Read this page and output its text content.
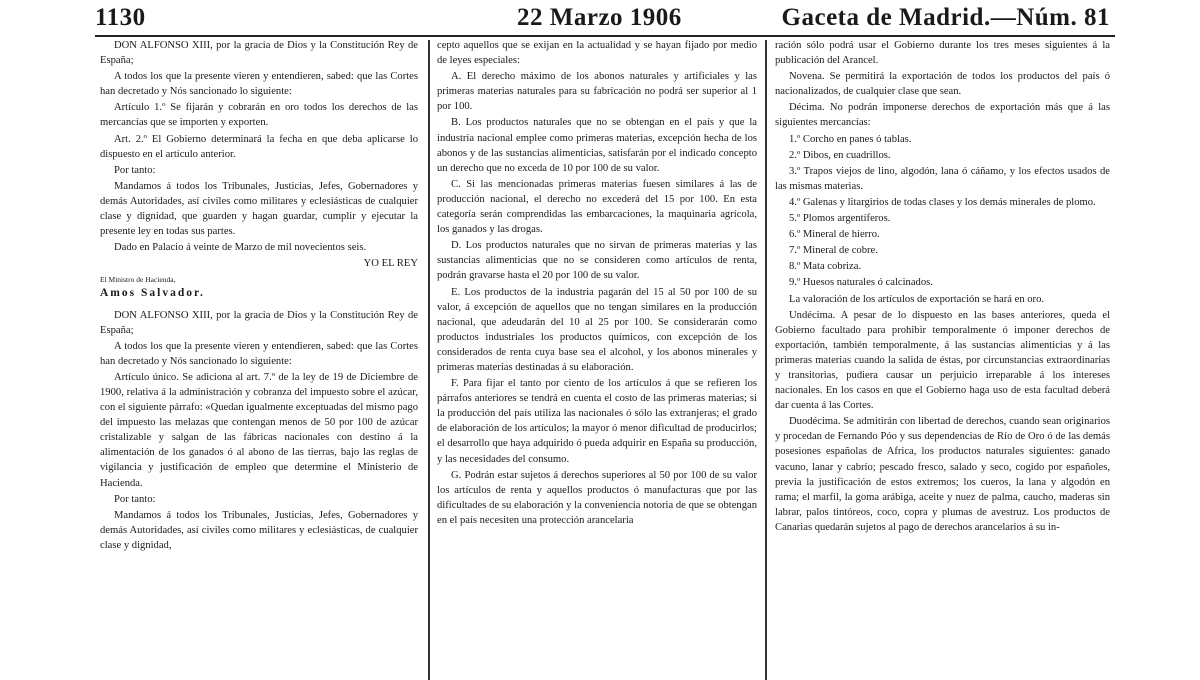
1130	22 Marzo 1906	Gaceta de Madrid.—Núm. 81

DON ALFONSO XIII, por la gracia de Dios y la Constitución Rey de España;

A todos los que la presente vieren y entendieren, sabed: que las Cortes han decretado y Nós sancionado lo siguiente:

Artículo 1.º Se fijarán y cobrarán en oro todos los derechos de las mercancías que se importen y exporten.

Art. 2.º El Gobierno determinará la fecha en que deba aplicarse lo dispuesto en el artículo anterior.

Por tanto:

Mandamos á todos los Tribunales, Justicias, Jefes, Gobernadores y demás Autoridades, así civiles como militares y eclesiásticas de cualquier clase y dignidad, que guarden y hagan guardar, cumplir y ejecutar la presente ley en todas sus partes.

Dado en Palacio á veinte de Marzo de mil novecientos seis.

YO EL REY

El Ministro de Hacienda,

Amos Salvador.

DON ALFONSO XIII, por la gracia de Dios y la Constitución Rey de España;

A todos los que la presente vieren y entendieren, sabed: que las Cortes han decretado y Nós sancionado lo siguiente:

Artículo único. Se adiciona al art. 7.º de la ley de 19 de Diciembre de 1900, relativa á la administración y cobranza del impuesto sobre el azúcar, con el siguiente párrafo: «Quedan igualmente exceptuadas del mismo pago del impuesto las melazas que contengan menos de 50 por 100 de azúcar cristalizable y salgan de las fábricas nacionales con destino á la alimentación de los ganados ó al abono de las tierras, bajo las reglas de vigilancia y justificación de empleo que determine el Ministerio de Hacienda.

Por tanto:

Mandamos á todos los Tribunales, Justicias, Jefes, Gobernadores y demás Autoridades, así civiles como militares y eclesiásticas, de cualquier clase y dignidad,

cepto aquellos que se exijan en la actualidad y se hayan fijado por medio de leyes especiales:

A. El derecho máximo de los abonos naturales y artificiales y las primeras materias naturales para su fabricación no podrá ser superior al 1 por 100.

B. Los productos naturales que no se obtengan en el país y que la industria nacional emplee como primeras materias, excepción hecha de los abonos y de las sustancias alimenticias, satisfarán por el indicado concepto un derecho que no exceda de 10 por 100 de su valor.

C. Si las mencionadas primeras materias fuesen similares á las de producción nacional, el derecho no excederá del 15 por 100. En esta categoría serán comprendidas las embarcaciones, la maquinaria agrícola, los ganados y las drogas.

D. Los productos naturales que no sirvan de primeras materias y las sustancias alimenticias que no se consideren como artículos de renta, podrán gravarse hasta el 20 por 100 de su valor.

E. Los productos de la industria pagarán del 15 al 50 por 100 de su valor, á excepción de aquellos que no tengan similares en la producción nacional, que adeudarán del 10 al 25 por 100. Se considerarán como productos industriales los productos químicos, con excepción de los considerados de renta cuya base sea el alcohol, y los abonos minerales y primeras materias destinadas á su elaboración.

F. Para fijar el tanto por ciento de los artículos á que se refieren los párrafos anteriores se tendrá en cuenta el costo de las primeras materias; si la producción del país utiliza las nacionales ó sólo las extranjeras; el grado de elaboración de los artículos; la mayor ó menor dificultad de producirlos; el desarrollo que haya adquirido ó pueda adquirir en España su producción, y las necesidades del consumo.

G. Podrán estar sujetos á derechos superiores al 50 por 100 de su valor los artículos de renta y aquellos productos ó manufacturas que por las dificultades de su elaboración y la conveniencia notoria de que se obtengan en el país necesiten una protección arancelaria

ración sólo podrá usar el Gobierno durante los tres meses siguientes á la publicación del Arancel.

Novena. Se permitirá la exportación de todos los productos del país ó nacionalizados, de cualquier clase que sean.

Décima. No podrán imponerse derechos de exportación más que á las siguientes mercancías:

1.º Corcho en panes ó tablas.

2.º Dibos, en cuadrillos.

3.º Trapos viejos de lino, algodón, lana ó cáñamo, y los efectos usados de las mismas materias.

4.º Galenas y litargirios de todas clases y los demás minerales de plomo.

5.º Plomos argentíferos.

6.º Mineral de hierro.

7.º Mineral de cobre.

8.º Mata cobriza.

9.º Huesos naturales ó calcinados.

La valoración de los artículos de exportación se hará en oro.

Undécima. A pesar de lo dispuesto en las bases anteriores, queda el Gobierno facultado para prohibir temporalmente ó imponer derechos de exportación, también temporalmente, á las sustancias alimenticias y á las primeras materias cuando la salida de éstas, por circunstancias extraordinarias y transitorias, pudiera causar un perjuicio irreparable á los intereses nacionales. En los casos en que el Gobierno haga uso de esta facultad deberá dar cuenta á las Cortes.

Duodécima. Se admitirán con libertad de derechos, cuando sean originarios y procedan de Fernando Póo y sus dependencias de Río de Oro ó de las demás posesiones españolas de Africa, los productos naturales siguientes: ganado vacuno, lanar y cabrío; pescado fresco, salado y seco, cogido por españoles, previa la justificación de estos extremos; los cueros, la lana y algodón en rama; el marfil, la goma arábiga, aceite y nuez de palma, caucho, maderas sin labrar, palos tintóreos, coco, copra y plumas de avestruz. Los productos de Canarias quedarán sujetos al pago de derechos arancelarios á su in-
